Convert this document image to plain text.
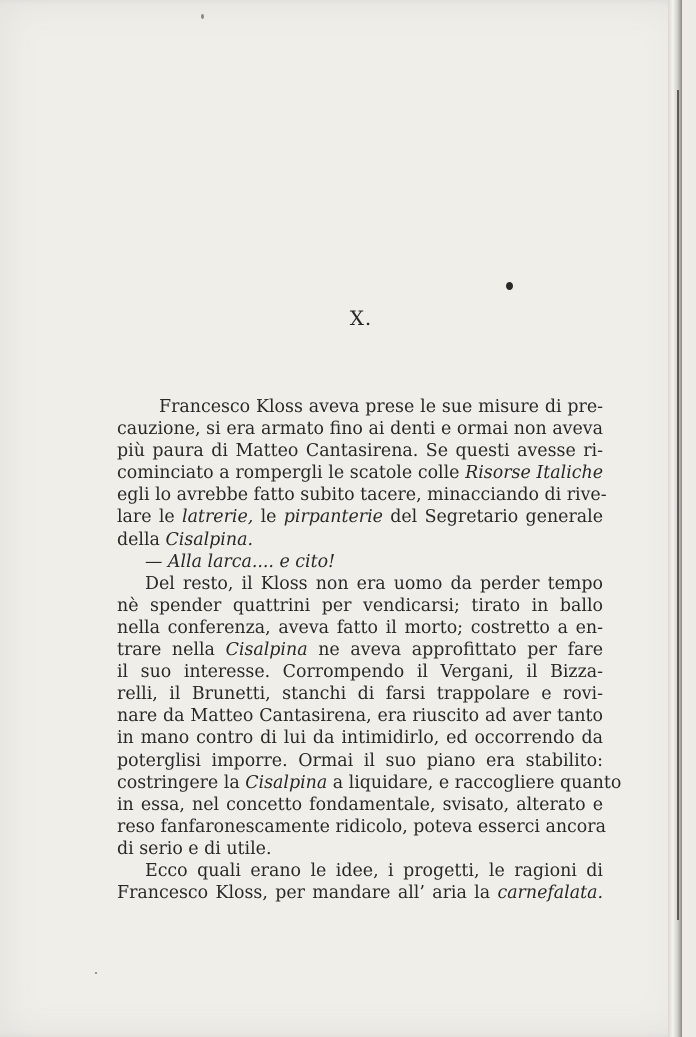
X.
Francesco Kloss aveva prese le sue misure di pre-
cauzione, si era armato fino ai denti e ormai non aveva
più paura di Matteo Cantasirena. Se questi avesse ri-
cominciato a rompergli le scatole colle Risorse Italiche
egli lo avrebbe fatto subito tacere, minacciando di rive-
lare le latrerie, le pirpanterie del Segretario generale
della Cisalpina.
— Alla larca.... e cito!
Del resto, il Kloss non era uomo da perder tempo
nè spender quattrini per vendicarsi; tirato in ballo
nella conferenza, aveva fatto il morto; costretto a en-
trare nella Cisalpina ne aveva approfittato per fare
il suo interesse. Corrompendo il Vergani, il Bizza-
relli, il Brunetti, stanchi di farsi trappolare e rovi-
nare da Matteo Cantasirena, era riuscito ad aver tanto
in mano contro di lui da intimidirlo, ed occorrendo da
poterglisi imporre. Ormai il suo piano era stabilito:
costringere la Cisalpina a liquidare, e raccogliere quanto
in essa, nel concetto fondamentale, svisato, alterato e
reso fanfaronescamente ridicolo, poteva esserci ancora
di serio e di utile.
Ecco quali erano le idee, i progetti, le ragioni di
Francesco Kloss, per mandare all’ aria la carnefalata.
